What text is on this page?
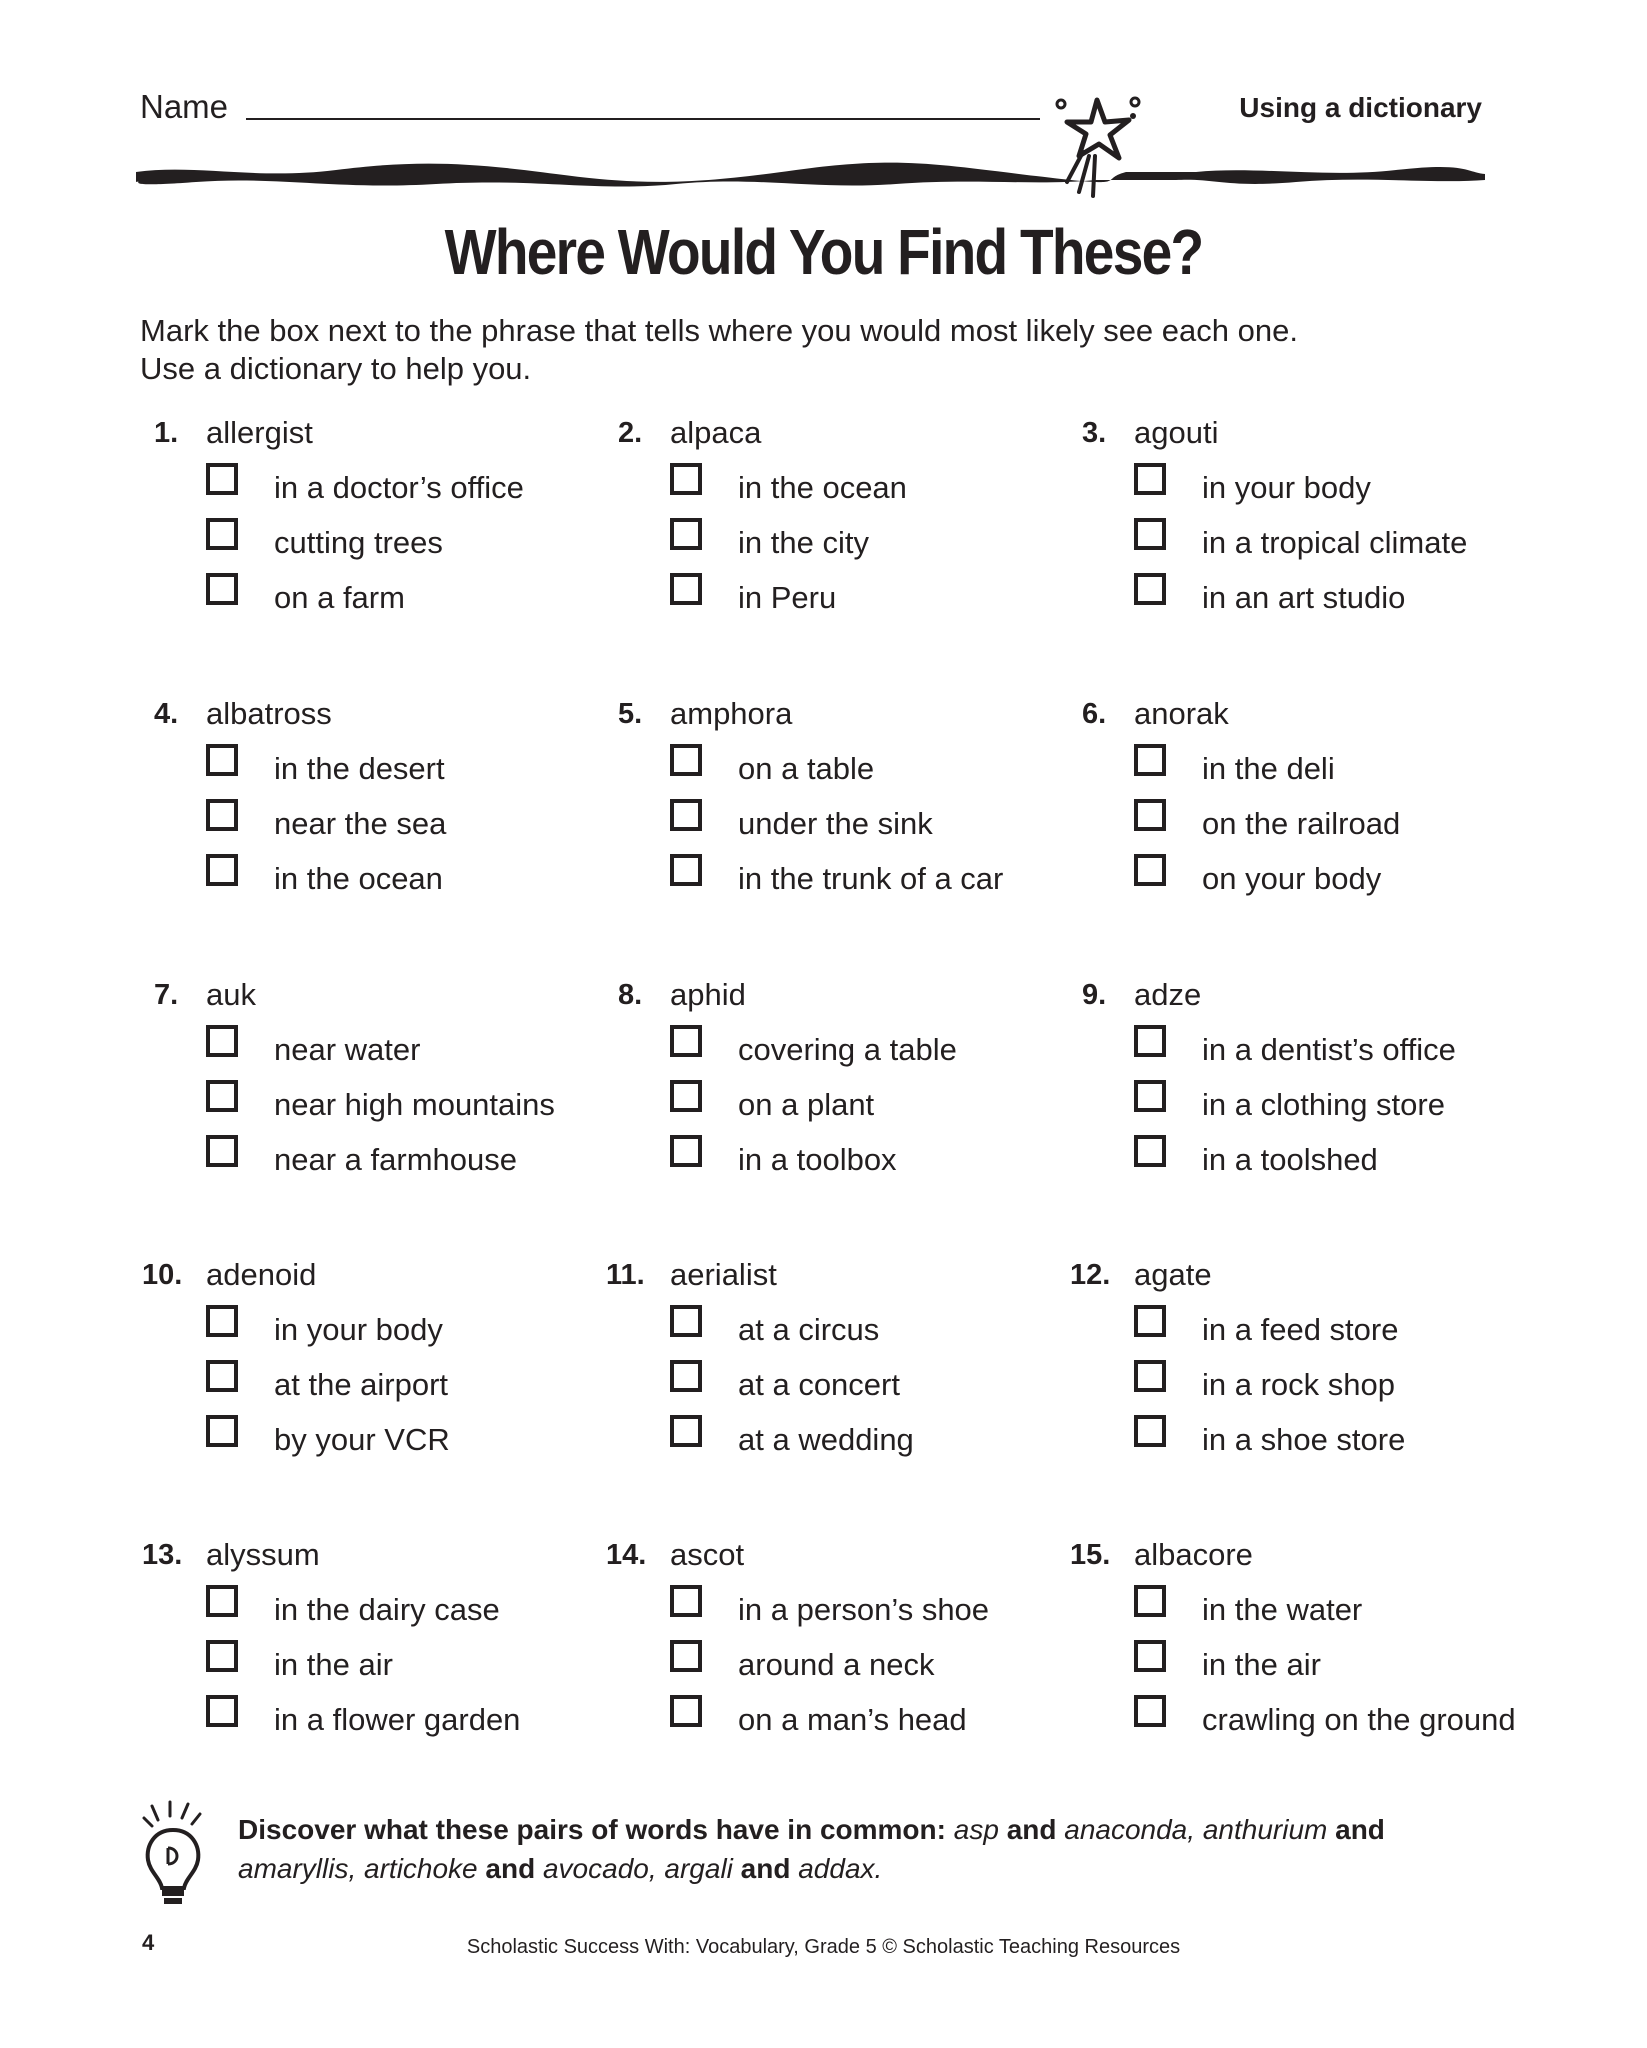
Name	Using a dictionary
Where Would You Find These?
Mark the box next to the phrase that tells where you would most likely see each one.
Use a dictionary to help you.
1. allergist
in a doctor’s office
cutting trees
on a farm
2. alpaca
in the ocean
in the city
in Peru
3. agouti
in your body
in a tropical climate
in an art studio
4. albatross
in the desert
near the sea
in the ocean
5. amphora
on a table
under the sink
in the trunk of a car
6. anorak
in the deli
on the railroad
on your body
7. auk
near water
near high mountains
near a farmhouse
8. aphid
covering a table
on a plant
in a toolbox
9. adze
in a dentist’s office
in a clothing store
in a toolshed
10. adenoid
in your body
at the airport
by your VCR
11. aerialist
at a circus
at a concert
at a wedding
12. agate
in a feed store
in a rock shop
in a shoe store
13. alyssum
in the dairy case
in the air
in a flower garden
14. ascot
in a person’s shoe
around a neck
on a man’s head
15. albacore
in the water
in the air
crawling on the ground
Discover what these pairs of words have in common: asp and anaconda, anthurium and amaryllis, artichoke and avocado, argali and addax.
4	Scholastic Success With: Vocabulary, Grade 5 © Scholastic Teaching Resources
